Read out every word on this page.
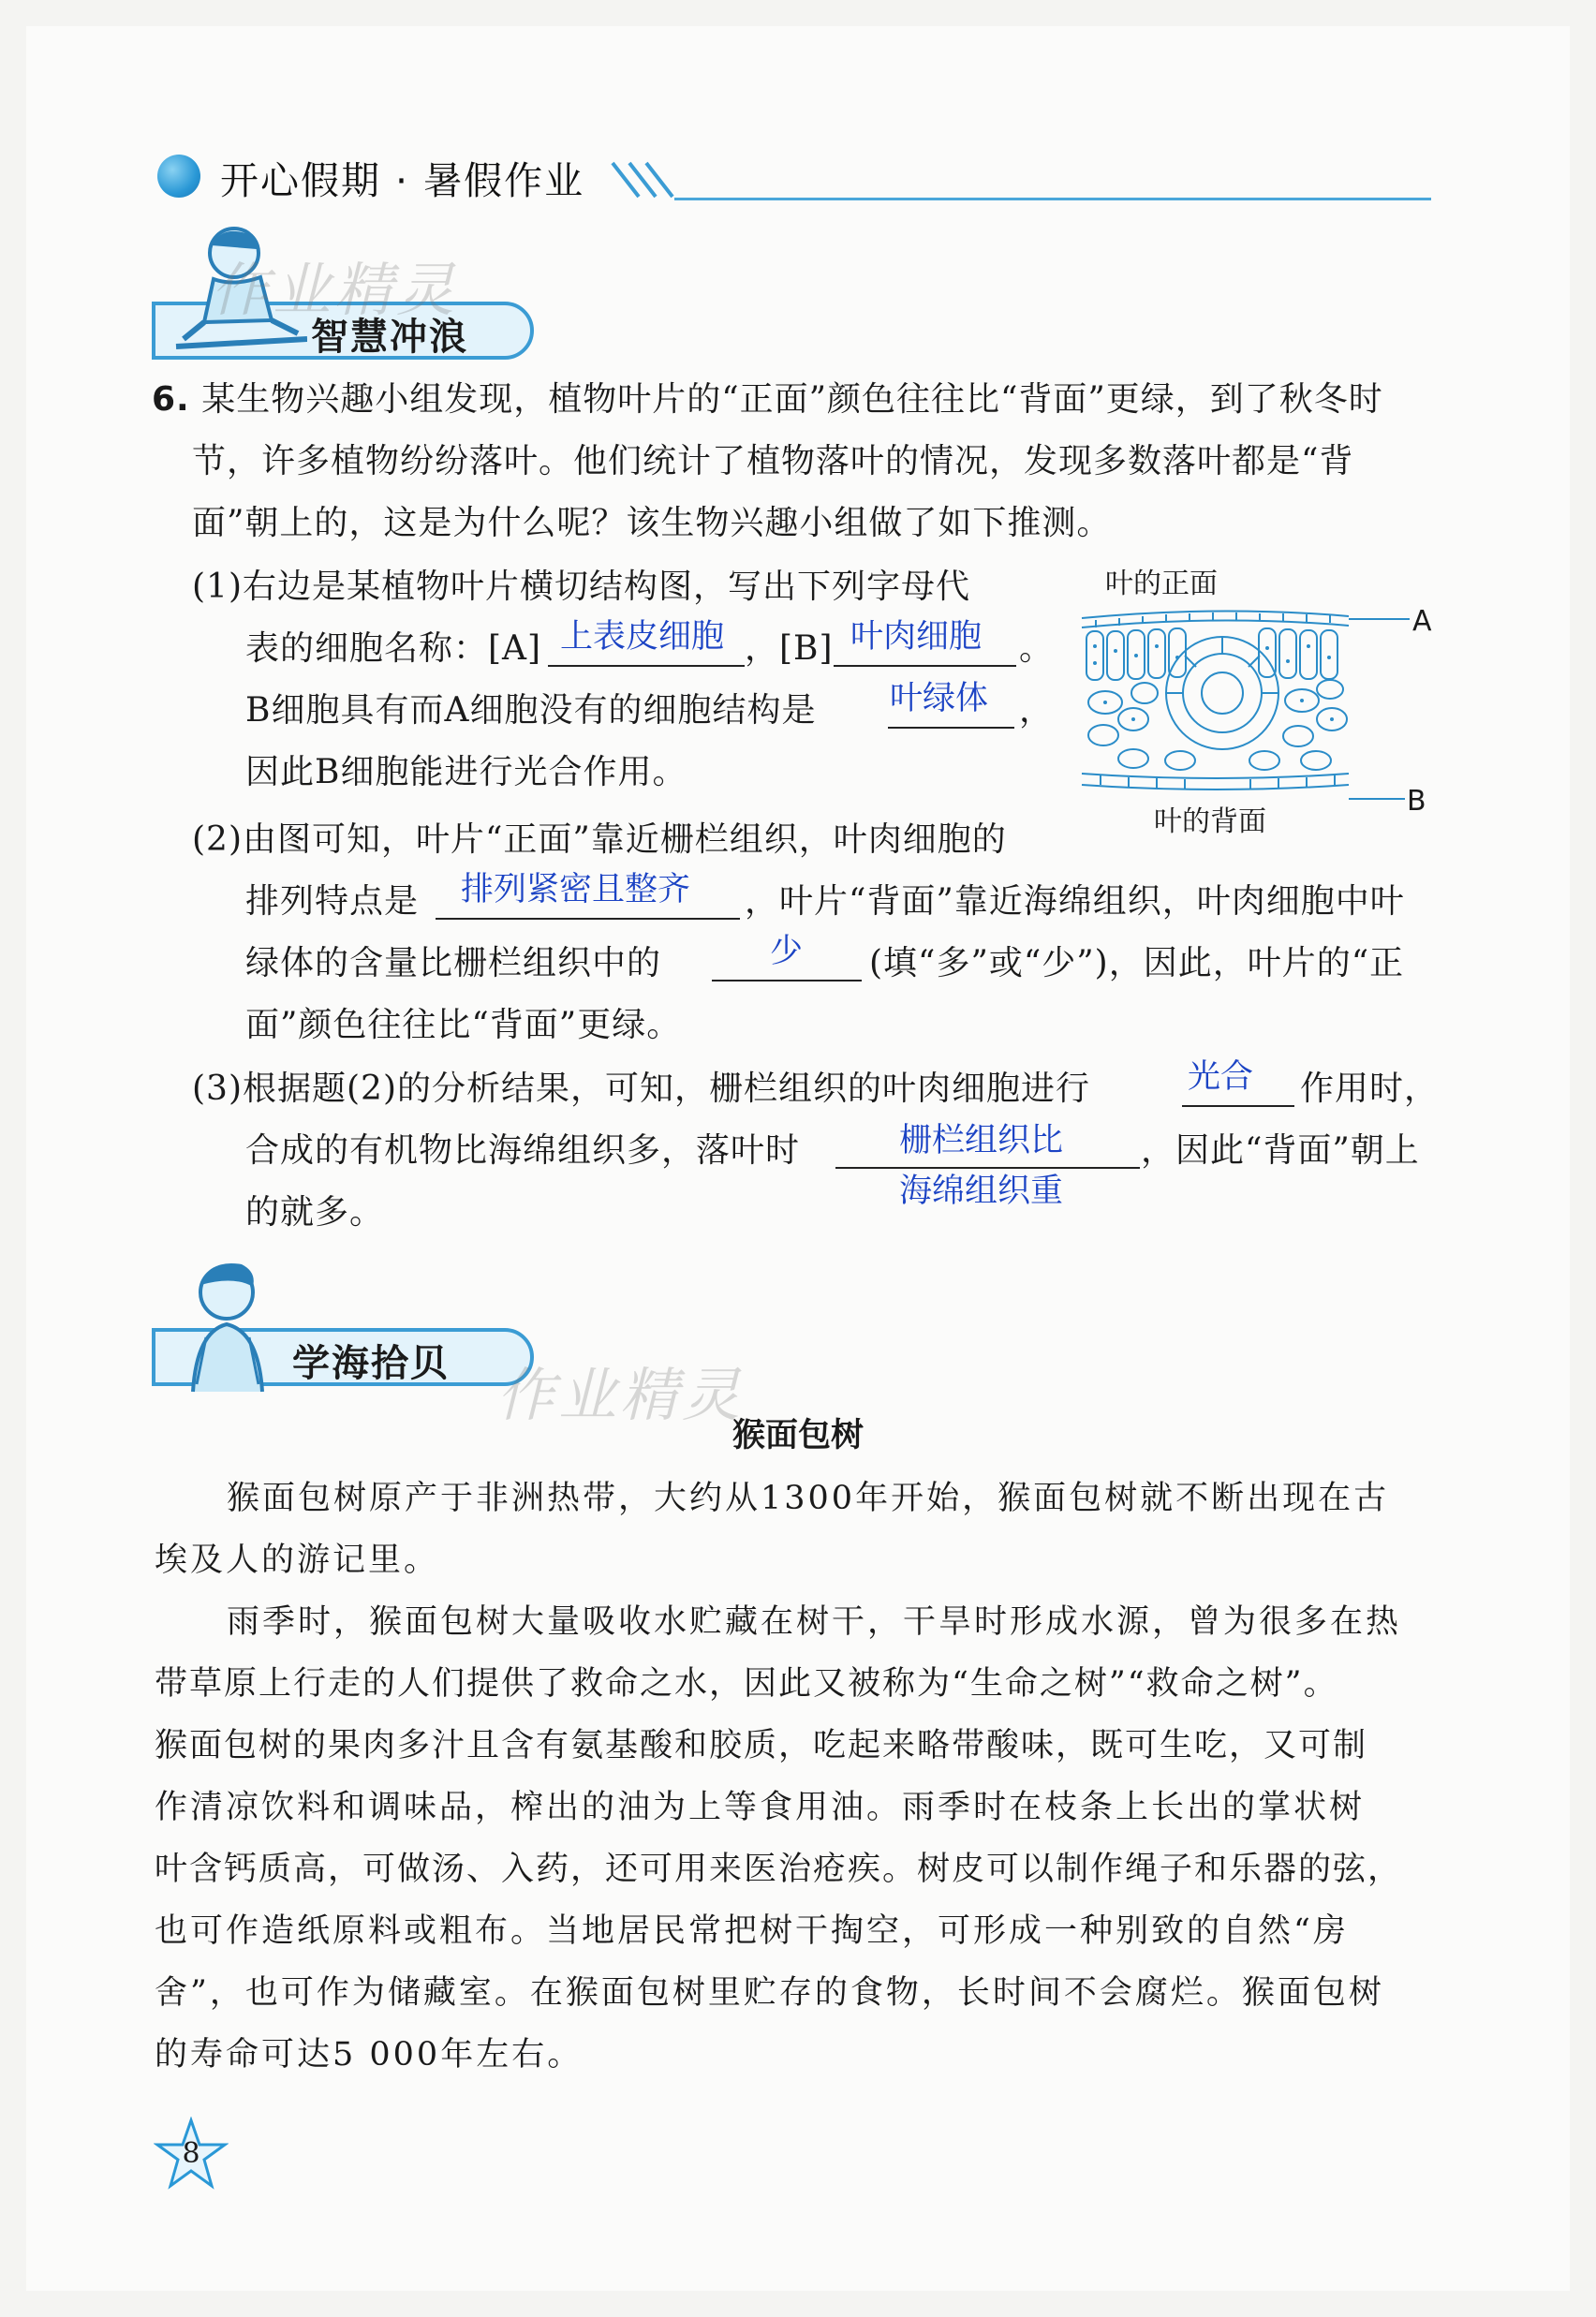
开心假期 · 暑假作业
智慧冲浪
作业精灵
6. 某生物兴趣小组发现，植物叶片的“正面”颜色往往比“背面”更绿，到了秋冬时
节，许多植物纷纷落叶。他们统计了植物落叶的情况，发现多数落叶都是“背
面”朝上的，这是为什么呢？该生物兴趣小组做了如下推测。
(1)右边是某植物叶片横切结构图，写出下列字母代
表的细胞名称：[A] 上表皮细胞 ，[B] 叶肉细胞 。
B细胞具有而A细胞没有的细胞结构是 叶绿体 ，
因此B细胞能进行光合作用。
叶的正面
叶的背面
A
B
(2)由图可知，叶片“正面”靠近栅栏组织，叶肉细胞的
排列特点是 排列紧密且整齐 ，叶片“背面”靠近海绵组织，叶肉细胞中叶
绿体的含量比栅栏组织中的	少 (填“多”或“少”)，因此，叶片的“正
面”颜色往往比“背面”更绿。
(3)根据题(2)的分析结果，可知，栅栏组织的叶肉细胞进行	光合 作用时，
合成的有机物比海绵组织多，落叶时	栅栏组织比
海绵组织重
，因此“背面”朝上
的就多。
学海拾贝 作业精灵
猴面包树
猴面包树原产于非洲热带，大约从1300年开始，猴面包树就不断出现在古
埃及人的游记里。
雨季时，猴面包树大量吸收水贮藏在树干，干旱时形成水源，曾为很多在热
带草原上行走的人们提供了救命之水，因此又被称为“生命之树”“救命之树”。
猴面包树的果肉多汁且含有氨基酸和胶质，吃起来略带酸味，既可生吃，又可制
作清凉饮料和调味品，榨出的油为上等食用油。雨季时在枝条上长出的掌状树
叶含钙质高，可做汤、入药，还可用来医治疮疾。树皮可以制作绳子和乐器的弦，
也可作造纸原料或粗布。当地居民常把树干掏空，可形成一种别致的自然“房
舍”，也可作为储藏室。在猴面包树里贮存的食物，长时间不会腐烂。猴面包树
的寿命可达5 000年左右。
8
